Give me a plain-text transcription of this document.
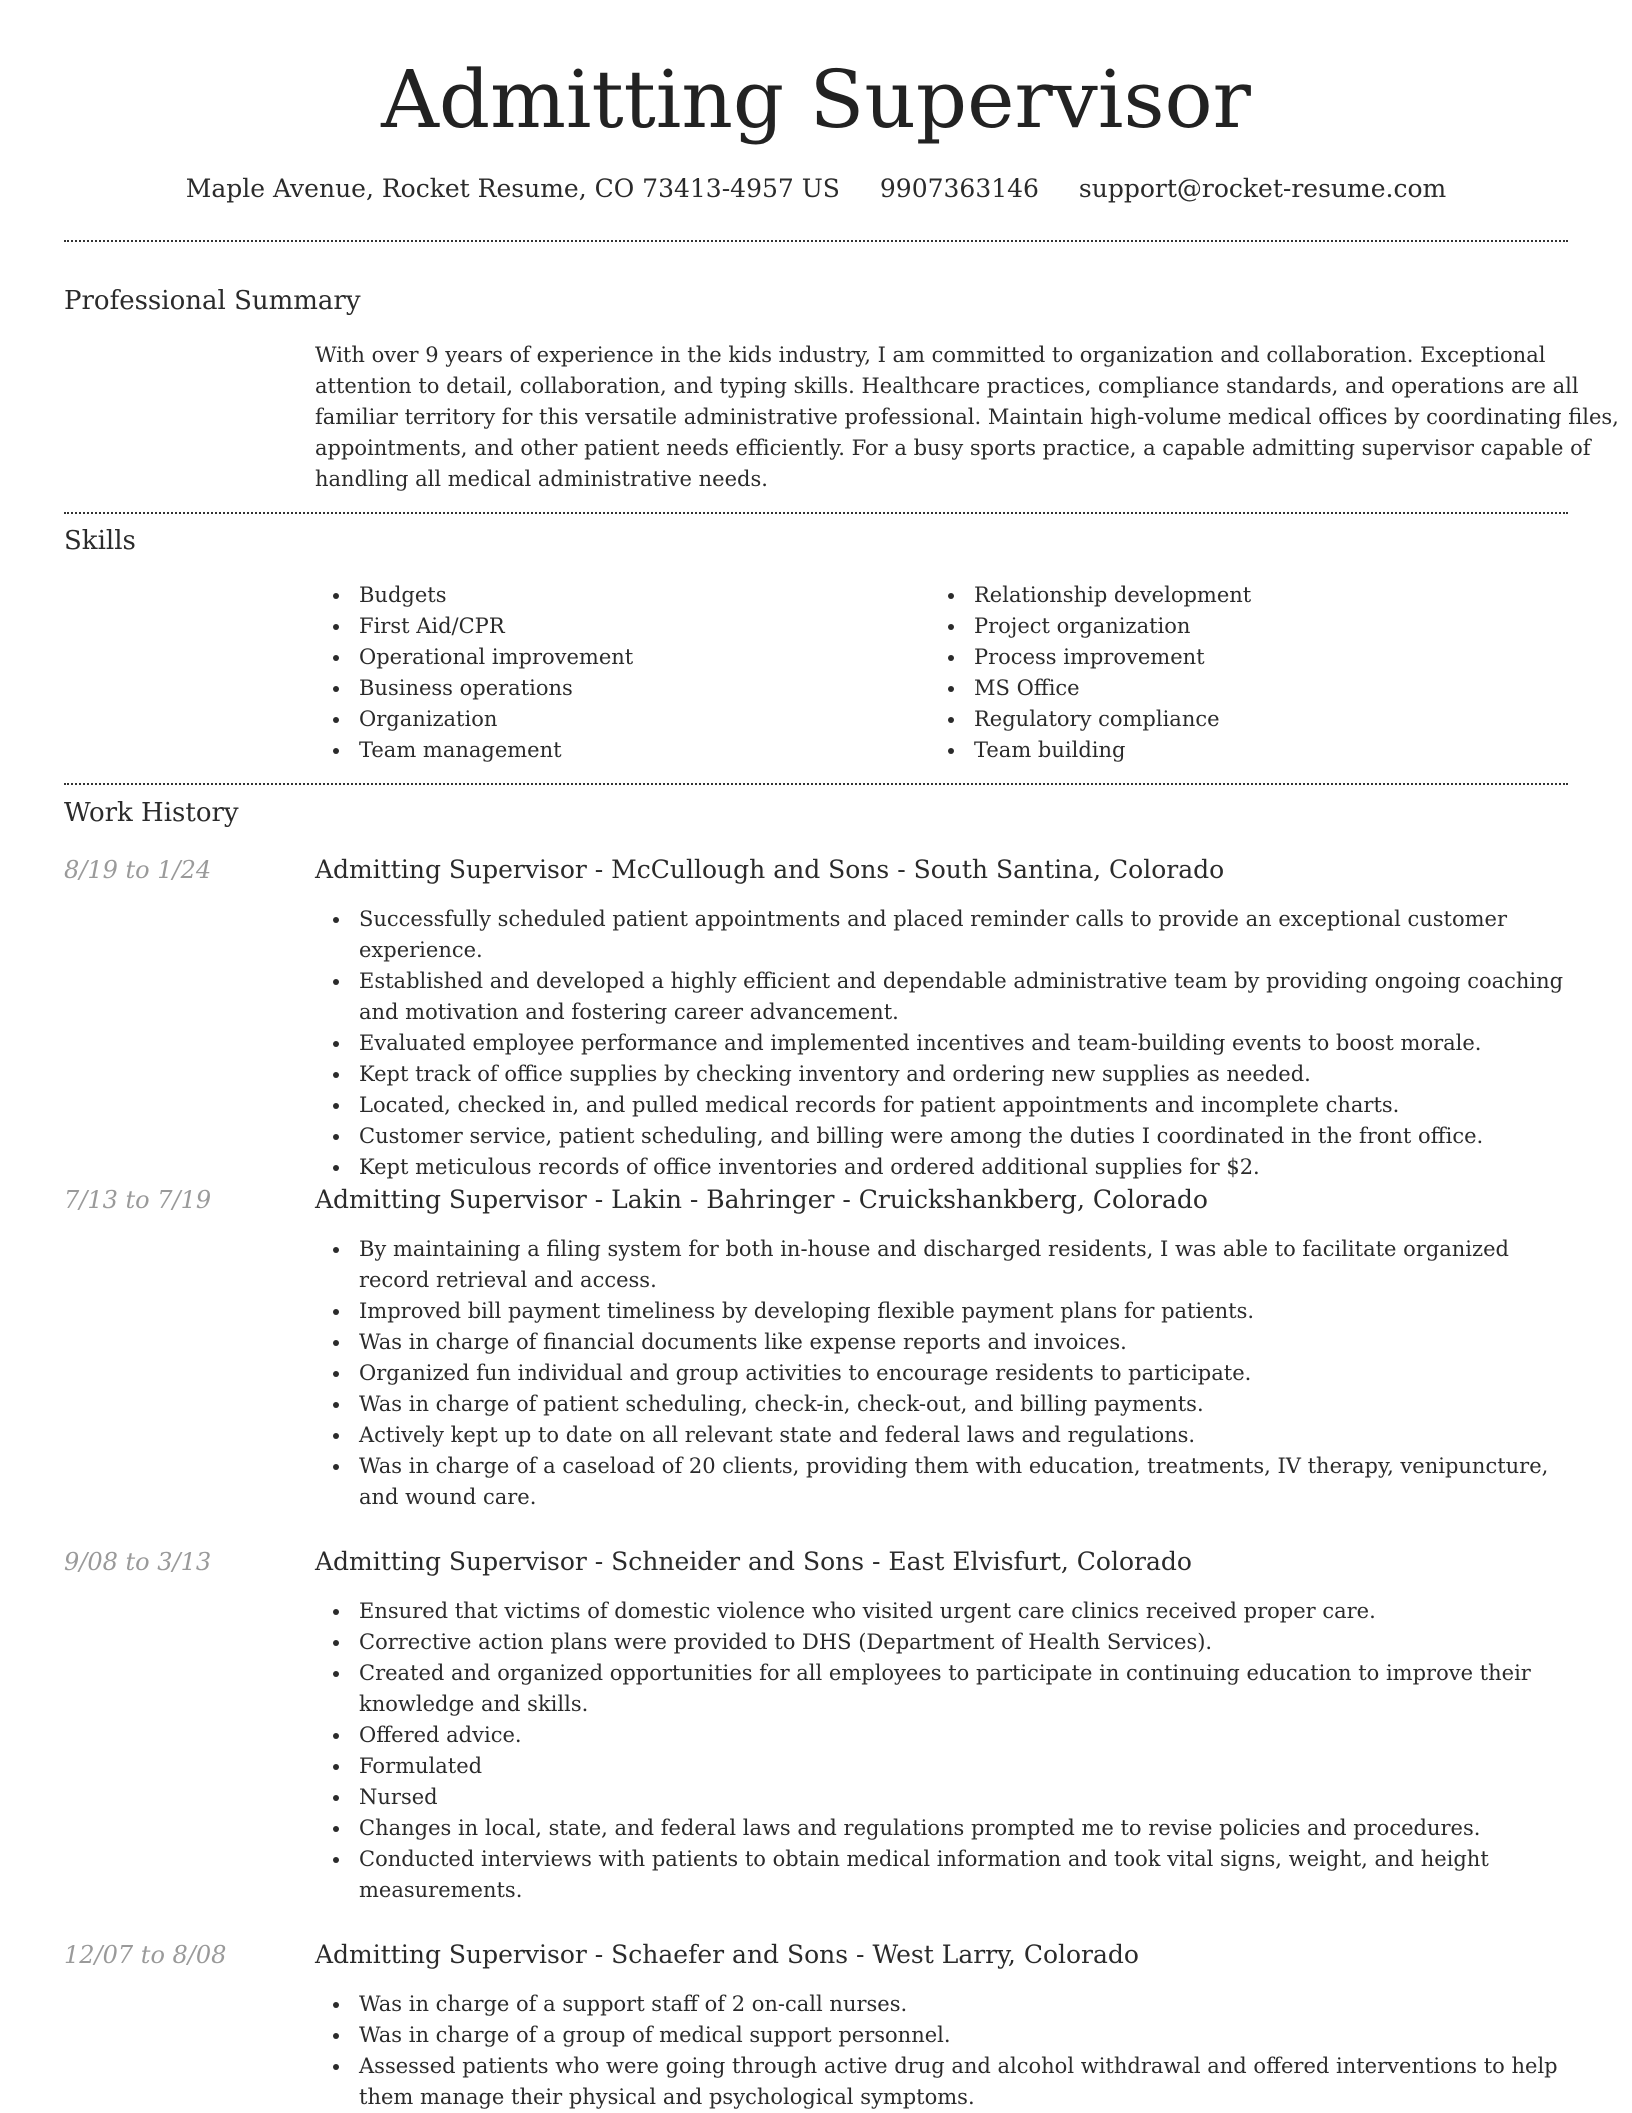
Admitting Supervisor
Maple Avenue, Rocket Resume, CO 73413-4957 US 9907363146 support@rocket-resume.com
Professional Summary

With over 9 years of experience in the kids industry, I am committed to organization and collaboration. Exceptional attention to detail, collaboration, and typing skills. Healthcare practices, compliance standards, and operations are all familiar territory for this versatile administrative professional. Maintain high-volume medical offices by coordinating files, appointments, and other patient needs efficiently. For a busy sports practice, a capable admitting supervisor capable of handling all medical administrative needs.

Skills
Budgets
First Aid/CPR
Operational improvement
Business operations
Organization
Team management
Relationship development
Project organization
Process improvement
MS Office
Regulatory compliance
Team building
Work History
8/19 to 1/24	Admitting Supervisor - McCullough and Sons - South Santina, Colorado
Successfully scheduled patient appointments and placed reminder calls to provide an exceptional customer experience.
Established and developed a highly efficient and dependable administrative team by providing ongoing coaching and motivation and fostering career advancement.
Evaluated employee performance and implemented incentives and team-building events to boost morale.
Kept track of office supplies by checking inventory and ordering new supplies as needed.
Located, checked in, and pulled medical records for patient appointments and incomplete charts.
Customer service, patient scheduling, and billing were among the duties I coordinated in the front office.
Kept meticulous records of office inventories and ordered additional supplies for $2.
7/13 to 7/19	Admitting Supervisor - Lakin - Bahringer - Cruickshankberg, Colorado
By maintaining a filing system for both in-house and discharged residents, I was able to facilitate organized record retrieval and access.
Improved bill payment timeliness by developing flexible payment plans for patients.
Was in charge of financial documents like expense reports and invoices.
Organized fun individual and group activities to encourage residents to participate.
Was in charge of patient scheduling, check-in, check-out, and billing payments.
Actively kept up to date on all relevant state and federal laws and regulations.
Was in charge of a caseload of 20 clients, providing them with education, treatments, IV therapy, venipuncture, and wound care.
9/08 to 3/13	Admitting Supervisor - Schneider and Sons - East Elvisfurt, Colorado
Ensured that victims of domestic violence who visited urgent care clinics received proper care.
Corrective action plans were provided to DHS (Department of Health Services).
Created and organized opportunities for all employees to participate in continuing education to improve their knowledge and skills.
Offered advice.
Formulated
Nursed
Changes in local, state, and federal laws and regulations prompted me to revise policies and procedures.
Conducted interviews with patients to obtain medical information and took vital signs, weight, and height measurements.
12/07 to 8/08	Admitting Supervisor - Schaefer and Sons - West Larry, Colorado
Was in charge of a support staff of 2 on-call nurses.
Was in charge of a group of medical support personnel.
Assessed patients who were going through active drug and alcohol withdrawal and offered interventions to help them manage their physical and psychological symptoms.
